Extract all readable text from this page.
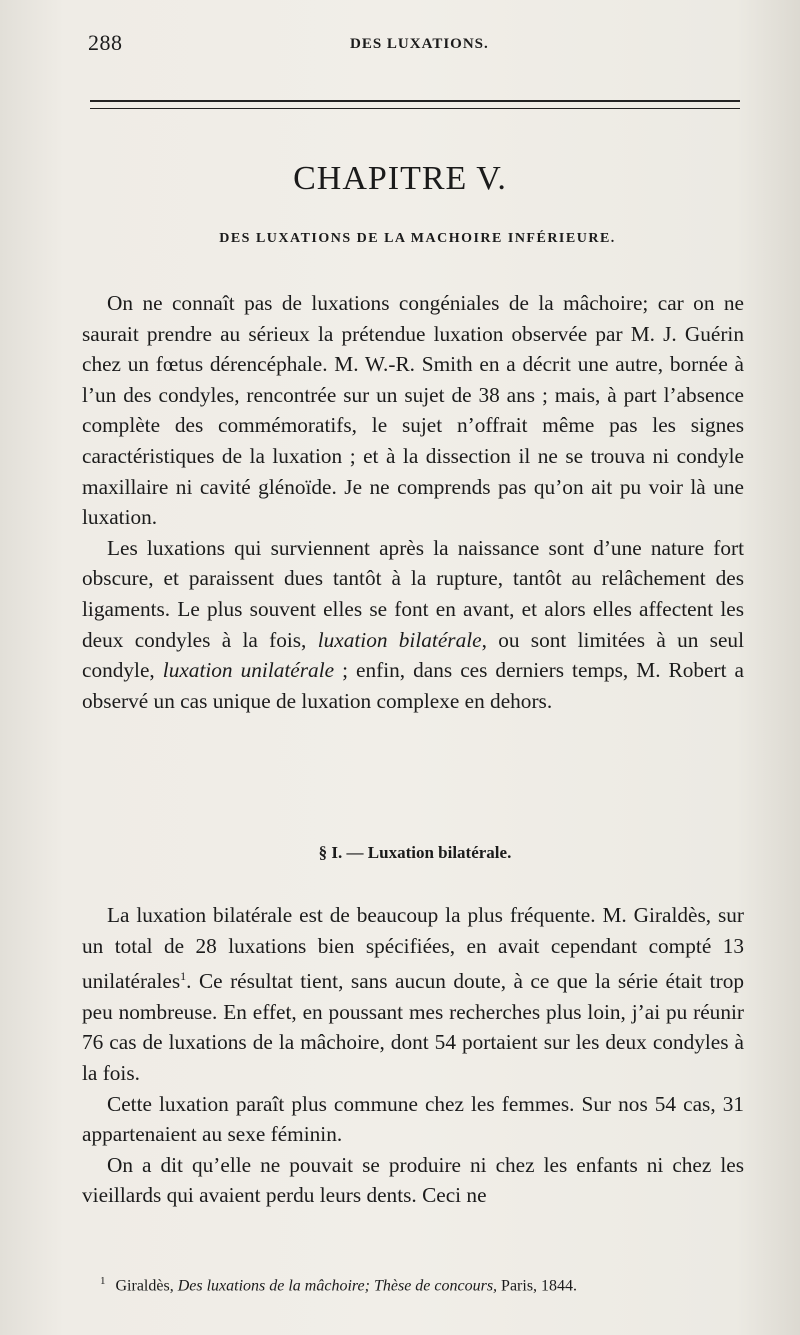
288	DES LUXATIONS.
CHAPITRE V.
DES LUXATIONS DE LA MACHOIRE INFÉRIEURE.

On ne connaît pas de luxations congéniales de la mâchoire; car on ne saurait prendre au sérieux la prétendue luxation observée par M. J. Guérin chez un fœtus dérencéphale. M. W.-R. Smith en a décrit une autre, bornée à l’un des condyles, rencontrée sur un sujet de 38 ans ; mais, à part l’absence complète des commémoratifs, le sujet n’offrait même pas les signes caractéristiques de la luxation ; et à la dissection il ne se trouva ni condyle maxillaire ni cavité glénoïde. Je ne comprends pas qu’on ait pu voir là une luxation.

Les luxations qui surviennent après la naissance sont d’une nature fort obscure, et paraissent dues tantôt à la rupture, tantôt au relâchement des ligaments. Le plus souvent elles se font en avant, et alors elles affectent les deux condyles à la fois, luxation bilatérale, ou sont limitées à un seul condyle, luxation unilatérale ; enfin, dans ces derniers temps, M. Robert a observé un cas unique de luxation complexe en dehors.

§ I. — Luxation bilatérale.

La luxation bilatérale est de beaucoup la plus fréquente. M. Giraldès, sur un total de 28 luxations bien spécifiées, en avait cependant compté 13 unilatérales$^1$. Ce résultat tient, sans aucun doute, à ce que la série était trop peu nombreuse. En effet, en poussant mes recherches plus loin, j’ai pu réunir 76 cas de luxations de la mâchoire, dont 54 portaient sur les deux condyles à la fois.

Cette luxation paraît plus commune chez les femmes. Sur nos 54 cas, 31 appartenaient au sexe féminin.

On a dit qu’elle ne pouvait se produire ni chez les enfants ni chez les vieillards qui avaient perdu leurs dents. Ceci ne

$^1$ Giraldès, Des luxations de la mâchoire; Thèse de concours, Paris, 1844.
